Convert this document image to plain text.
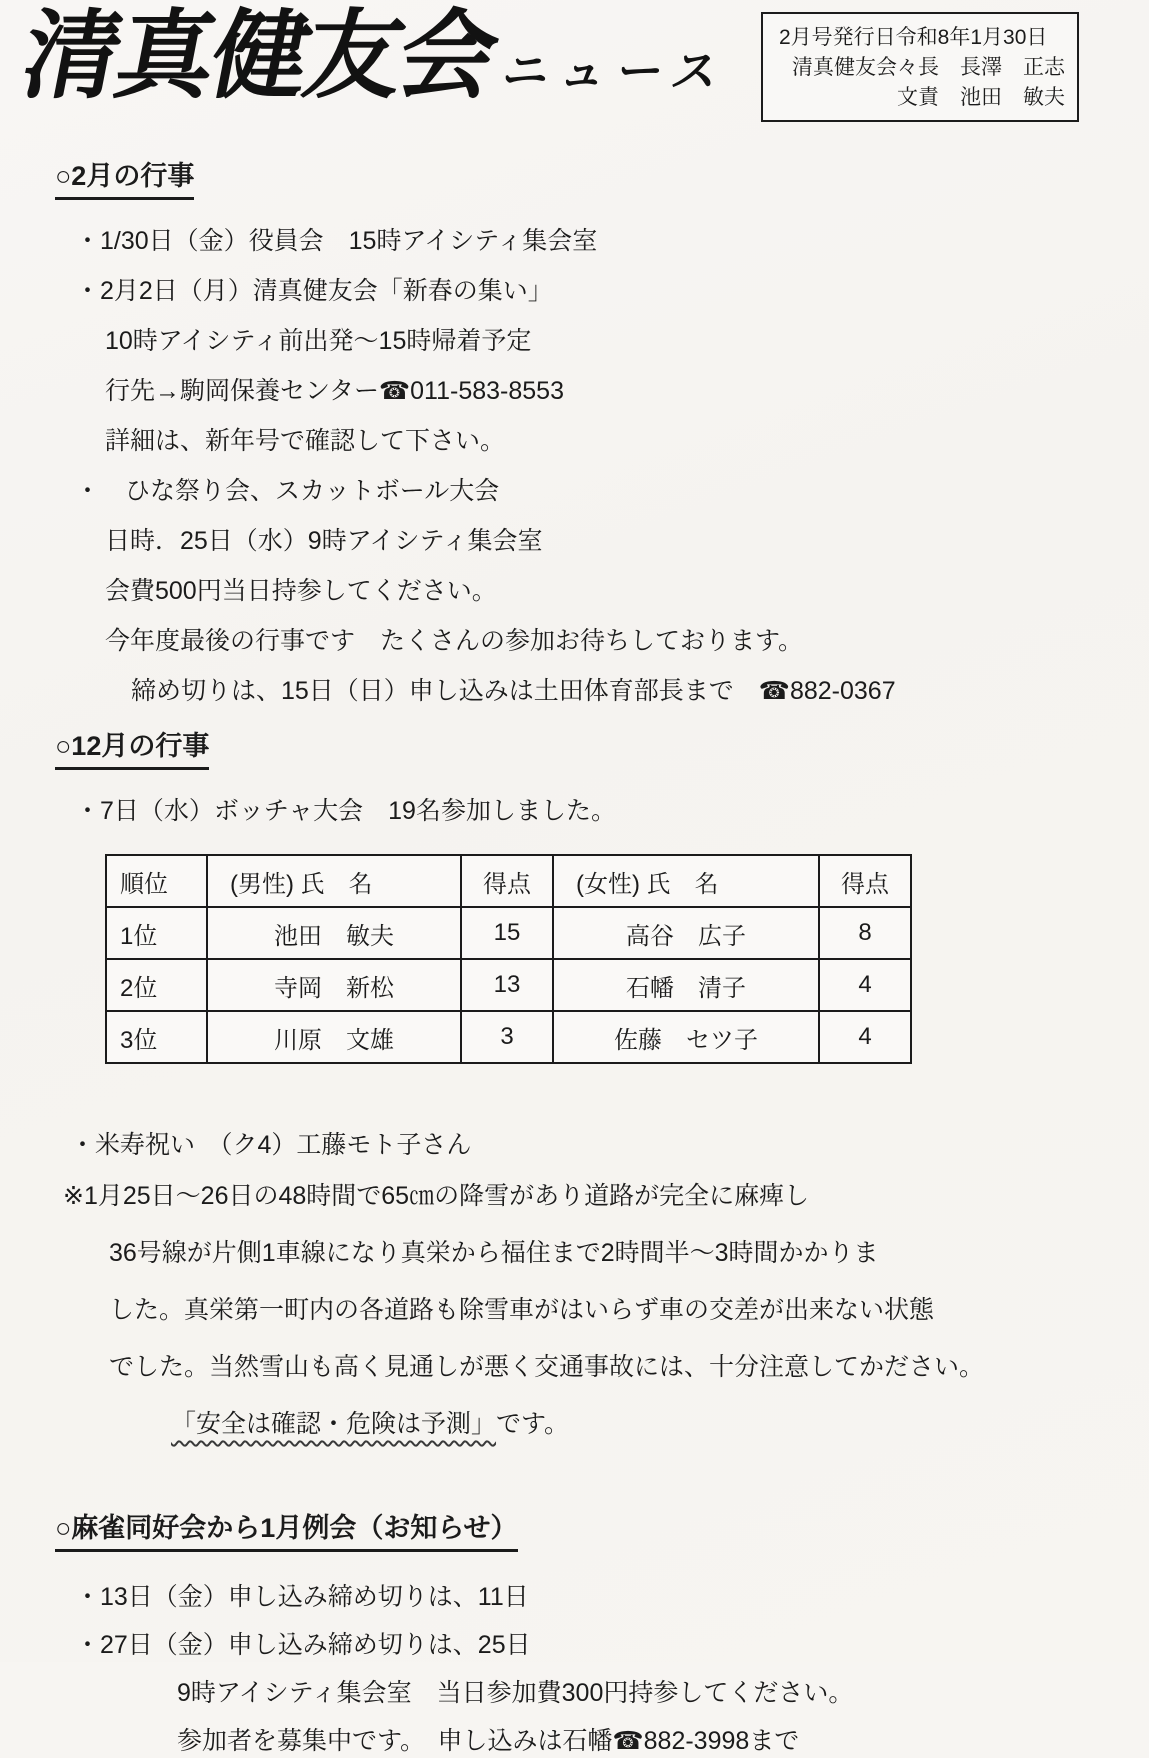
清真健友会
ニュース
2月号発行日令和8年1月30日
清真健友会々長　長澤　正志
文責　池田　敏夫
○2月の行事
・1/30日（金）役員会　15時アイシティ集会室
・2月2日（月）清真健友会「新春の集い」
10時アイシティ前出発～15時帰着予定
行先→駒岡保養センター☎011-583-8553
詳細は、新年号で確認して下さい。
・　ひな祭り会、スカットボール大会
日時．25日（水）9時アイシティ集会室
会費500円当日持参してください。
今年度最後の行事です　たくさんの参加お待ちしております。
締め切りは、15日（日）申し込みは土田体育部長まで　☎882-0367
○12月の行事
・7日（水）ボッチャ大会　19名参加しました。
順位	(男性) 氏　名	得点	(女性) 氏　名	得点
1位	池田　敏夫	15	高谷　広子	8
2位	寺岡　新松	13	石幡　清子	4
3位	川原　文雄	3	佐藤　セツ子	4
・米寿祝い　（ク4）工藤モト子さん
※1月25日～26日の48時間で65㎝の降雪があり道路が完全に麻痺し
36号線が片側1車線になり真栄から福住まで2時間半～3時間かかりま
した。真栄第一町内の各道路も除雪車がはいらず車の交差が出来ない状態
でした。当然雪山も高く見通しが悪く交通事故には、十分注意してかださい。
「安全は確認・危険は予測」です。
○麻雀同好会から1月例会（お知らせ）
・13日（金）申し込み締め切りは、11日
・27日（金）申し込み締め切りは、25日
9時アイシティ集会室　当日参加費300円持参してください。
参加者を募集中です。　申し込みは石幡☎882-3998まで
